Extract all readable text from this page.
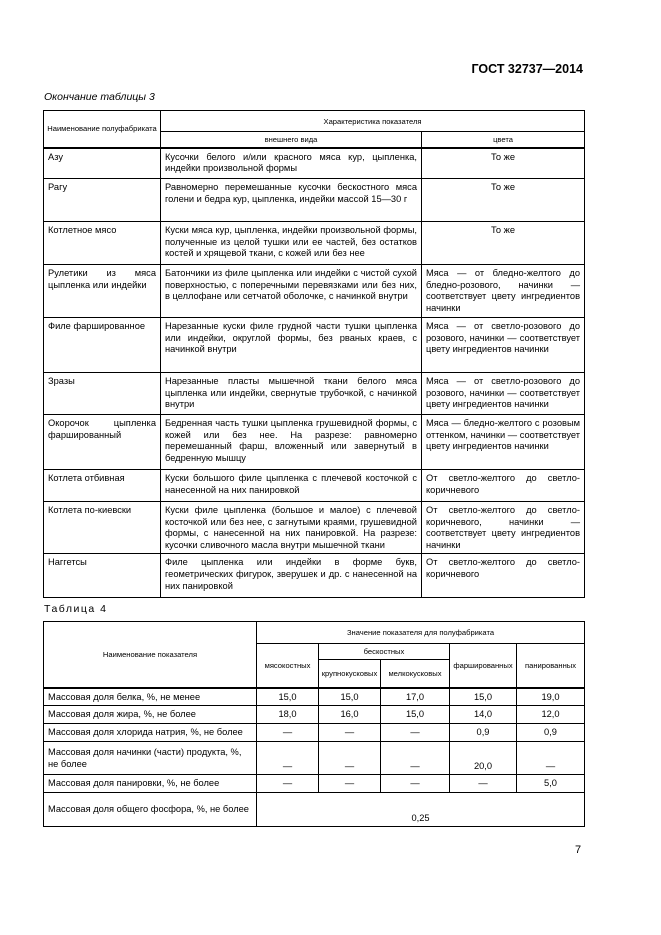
ГОСТ 32737—2014
Окончание таблицы 3
Наименование полуфабриката	Характеристика показателя	
	внешнего вида	цвета
Азу	Кусочки белого и/или красного мяса кур, цыпленка, индейки произвольной формы	То же
Рагу	Равномерно перемешанные кусочки бескостного мяса голени и бедра кур, цыпленка, индейки массой 15—30 г	То же
Котлетное мясо	Куски мяса кур, цыпленка, индейки произвольной формы, полученные из целой тушки или ее частей, без остатков костей и хрящевой ткани, с кожей или без нее	То же
Рулетики из мяса цыпленка или индейки	Батончики из филе цыпленка или индейки с чистой сухой поверхностью, с поперечными перевязками или без них, в целлофане или сетчатой оболочке, с начинкой внутри	Мяса — от бледно-желтого до бледно-розового, начинки — соответствует цвету ингредиентов начинки
Филе фаршированное	Нарезанные куски филе грудной части тушки цыпленка или индейки, округлой формы, без рваных краев, с начинкой внутри	Мяса — от светло-розового до розового, начинки — соответствует цвету ингредиентов начинки
Зразы	Нарезанные пласты мышечной ткани белого мяса цыпленка или индейки, свернутые трубочкой, с начинкой внутри	Мяса — от светло-розового до розового, начинки — соответствует цвету ингредиентов начинки
Окорочок цыпленка фаршированный	Бедренная часть тушки цыпленка грушевидной формы, с кожей или без нее. На разрезе: равномерно перемешанный фарш, вложенный или завернутый в бедренную мышцу	Мяса — бледно-желтого с розовым оттенком, начинки — соответствует цвету ингредиентов начинки
Котлета отбивная	Куски большого филе цыпленка с плечевой косточкой с нанесенной на них панировкой	От светло-желтого до светло-коричневого
Котлета по-киевски	Куски филе цыпленка (большое и малое) с плечевой косточкой или без нее, с загнутыми краями, грушевидной формы, с нанесенной на них панировкой. На разрезе: кусочки сливочного масла внутри мышечной ткани	От светло-желтого до светло-коричневого, начинки — соответствует цвету ингредиентов начинки
Наггетсы	Филе цыпленка или индейки в форме букв, геометрических фигурок, зверушек и др. с нанесенной на них панировкой	От светло-желтого до светло-коричневого
Таблица 4
Наименование показателя	Значение показателя для полуфабриката				
	мясокостных	бескостных		фаршированных	панированных
		крупнокусковых	мелкокусковых		
Массовая доля белка, %, не менее	15,0	15,0	17,0	15,0	19,0
Массовая доля жира, %, не более	18,0	16,0	15,0	14,0	12,0
Массовая доля хлорида натрия, %, не более	—	—	—	0,9	0,9
Массовая доля начинки (части) продукта, %, не более	—	—	—	20,0	—
Массовая доля панировки, %, не более	—	—	—	—	5,0
Массовая доля общего фосфора, %, не более	0,25				
7
